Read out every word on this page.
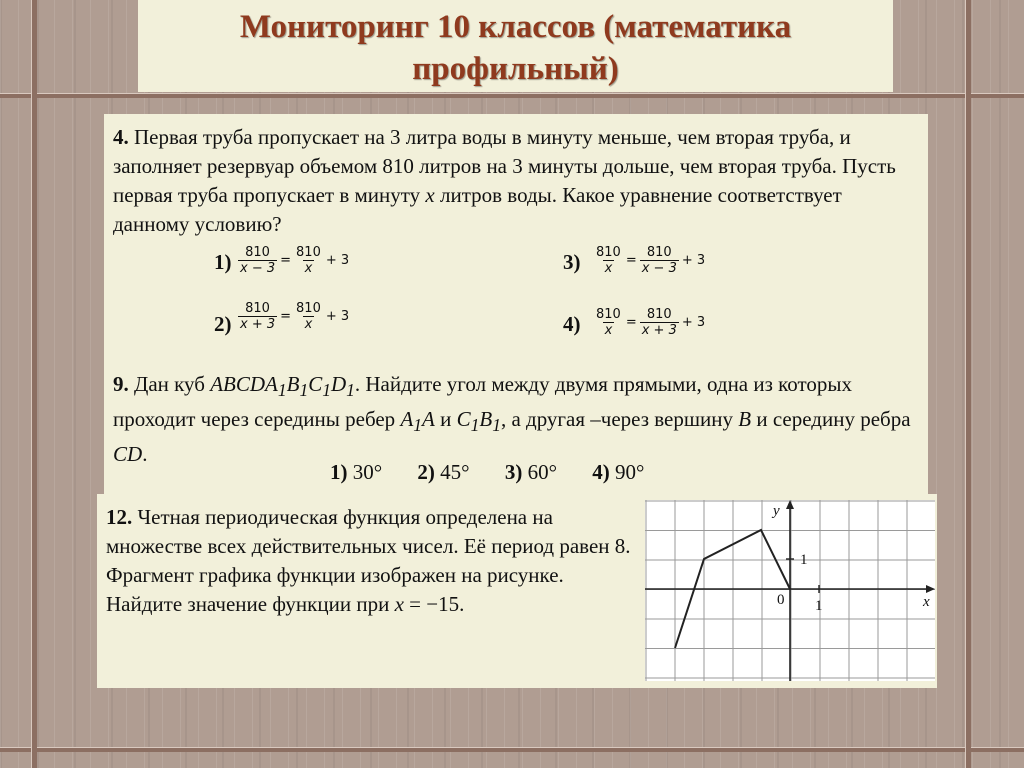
Мониторинг 10 классов (математика профильный)
4. Первая труба пропускает на 3 литра воды в минуту меньше, чем вторая труба, и заполняет резервуар объемом 810 литров на 3 минуты дольше, чем вторая труба. Пусть первая труба пропускает в минуту x литров воды. Какое уравнение соответствует данному условию?
$1) \frac{810}{x - 3} = \frac{810}{x} + 3$	$3) \frac{810}{x} = \frac{810}{x - 3} + 3$
$2) \frac{810}{x + 3} = \frac{810}{x} + 3$	$4) \frac{810}{x} = \frac{810}{x + 3} + 3$
9. Дан куб $ABCDA_1B_1C_1D_1$. Найдите угол между двумя прямыми, одна из которых проходит через середины ребер $A_1A$ и $C_1B_1$, а другая –через вершину B и середину ребра CD.
1) 30° 2) 45° 3) 60° 4) 90°
12. Четная периодическая функция определена на множестве всех действительных чисел. Её период равен 8. Фрагмент графика функции изображен на рисунке. Найдите значение функции при x = −15.
y
x
0 1
1
